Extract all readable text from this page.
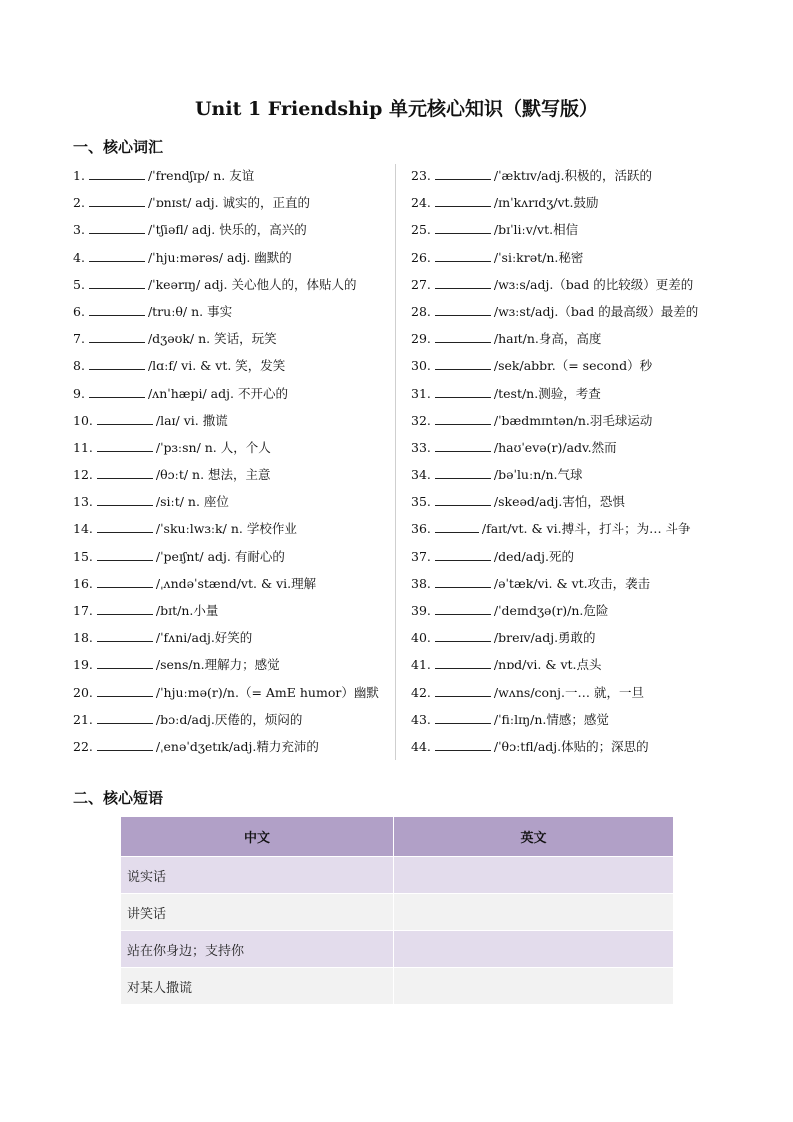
Unit 1 Friendship 单元核心知识（默写版）
一、核心词汇
1.	/ˈfrendʃɪp/ n. 友谊
2.	/ˈɒnɪst/ adj. 诚实的，正直的
3.	/ˈtʃiəfl/ adj. 快乐的，高兴的
4.	/ˈhjuːmərəs/ adj. 幽默的
5.	/ˈkeərɪŋ/ adj. 关心他人的，体贴人的
6.	/truːθ/ n. 事实
7.	/dʒəʊk/ n. 笑话，玩笑
8.	/lɑːf/ vi. & vt. 笑，发笑
9.	/ʌnˈhæpi/ adj. 不开心的
10.	/laɪ/ vi. 撒谎
11.	/ˈpɜːsn/ n. 人，个人
12.	/θɔːt/ n. 想法，主意
13.	/siːt/ n. 座位
14.	/ˈskuːlwɜːk/ n. 学校作业
15.	/ˈpeɪʃnt/ adj. 有耐心的
16.	/ˌʌndəˈstænd/vt. & vi.理解
17.	/bɪt/n.小量
18.	/ˈfʌni/adj.好笑的
19.	/sens/n.理解力；感觉
20.	/ˈhjuːmə(r)/n.（= AmE humor）幽默
21.	/bɔːd/adj.厌倦的，烦闷的
22.	/ˌenəˈdʒetɪk/adj.精力充沛的
23.	/ˈæktɪv/adj.积极的，活跃的
24.	/ɪnˈkʌrɪdʒ/vt.鼓励
25.	/bɪˈliːv/vt.相信
26.	/ˈsiːkrət/n.秘密
27.	/wɜːs/adj.（bad 的比较级）更差的
28.	/wɜːst/adj.（bad 的最高级）最差的
29.	/haɪt/n.身高，高度
30.	/sek/abbr.（= second）秒
31.	/test/n.测验，考查
32.	/ˈbædmɪntən/n.羽毛球运动
33.	/haʊˈevə(r)/adv.然而
34.	/bəˈluːn/n.气球
35.	/skeəd/adj.害怕，恐惧
36.	/faɪt/vt. & vi.搏斗，打斗；为… 斗争
37.	/ded/adj.死的
38.	/əˈtæk/vi. & vt.攻击，袭击
39.	/ˈdeɪndʒə(r)/n.危险
40.	/breɪv/adj.勇敢的
41.	/nɒd/vi. & vt.点头
42.	/wʌns/conj.一… 就，一旦
43.	/ˈfiːlɪŋ/n.情感；感觉
44.	/ˈθɔːtfl/adj.体贴的；深思的
二、核心短语
中文	英文
说实话	
讲笑话	
站在你身边；支持你	
对某人撒谎	
